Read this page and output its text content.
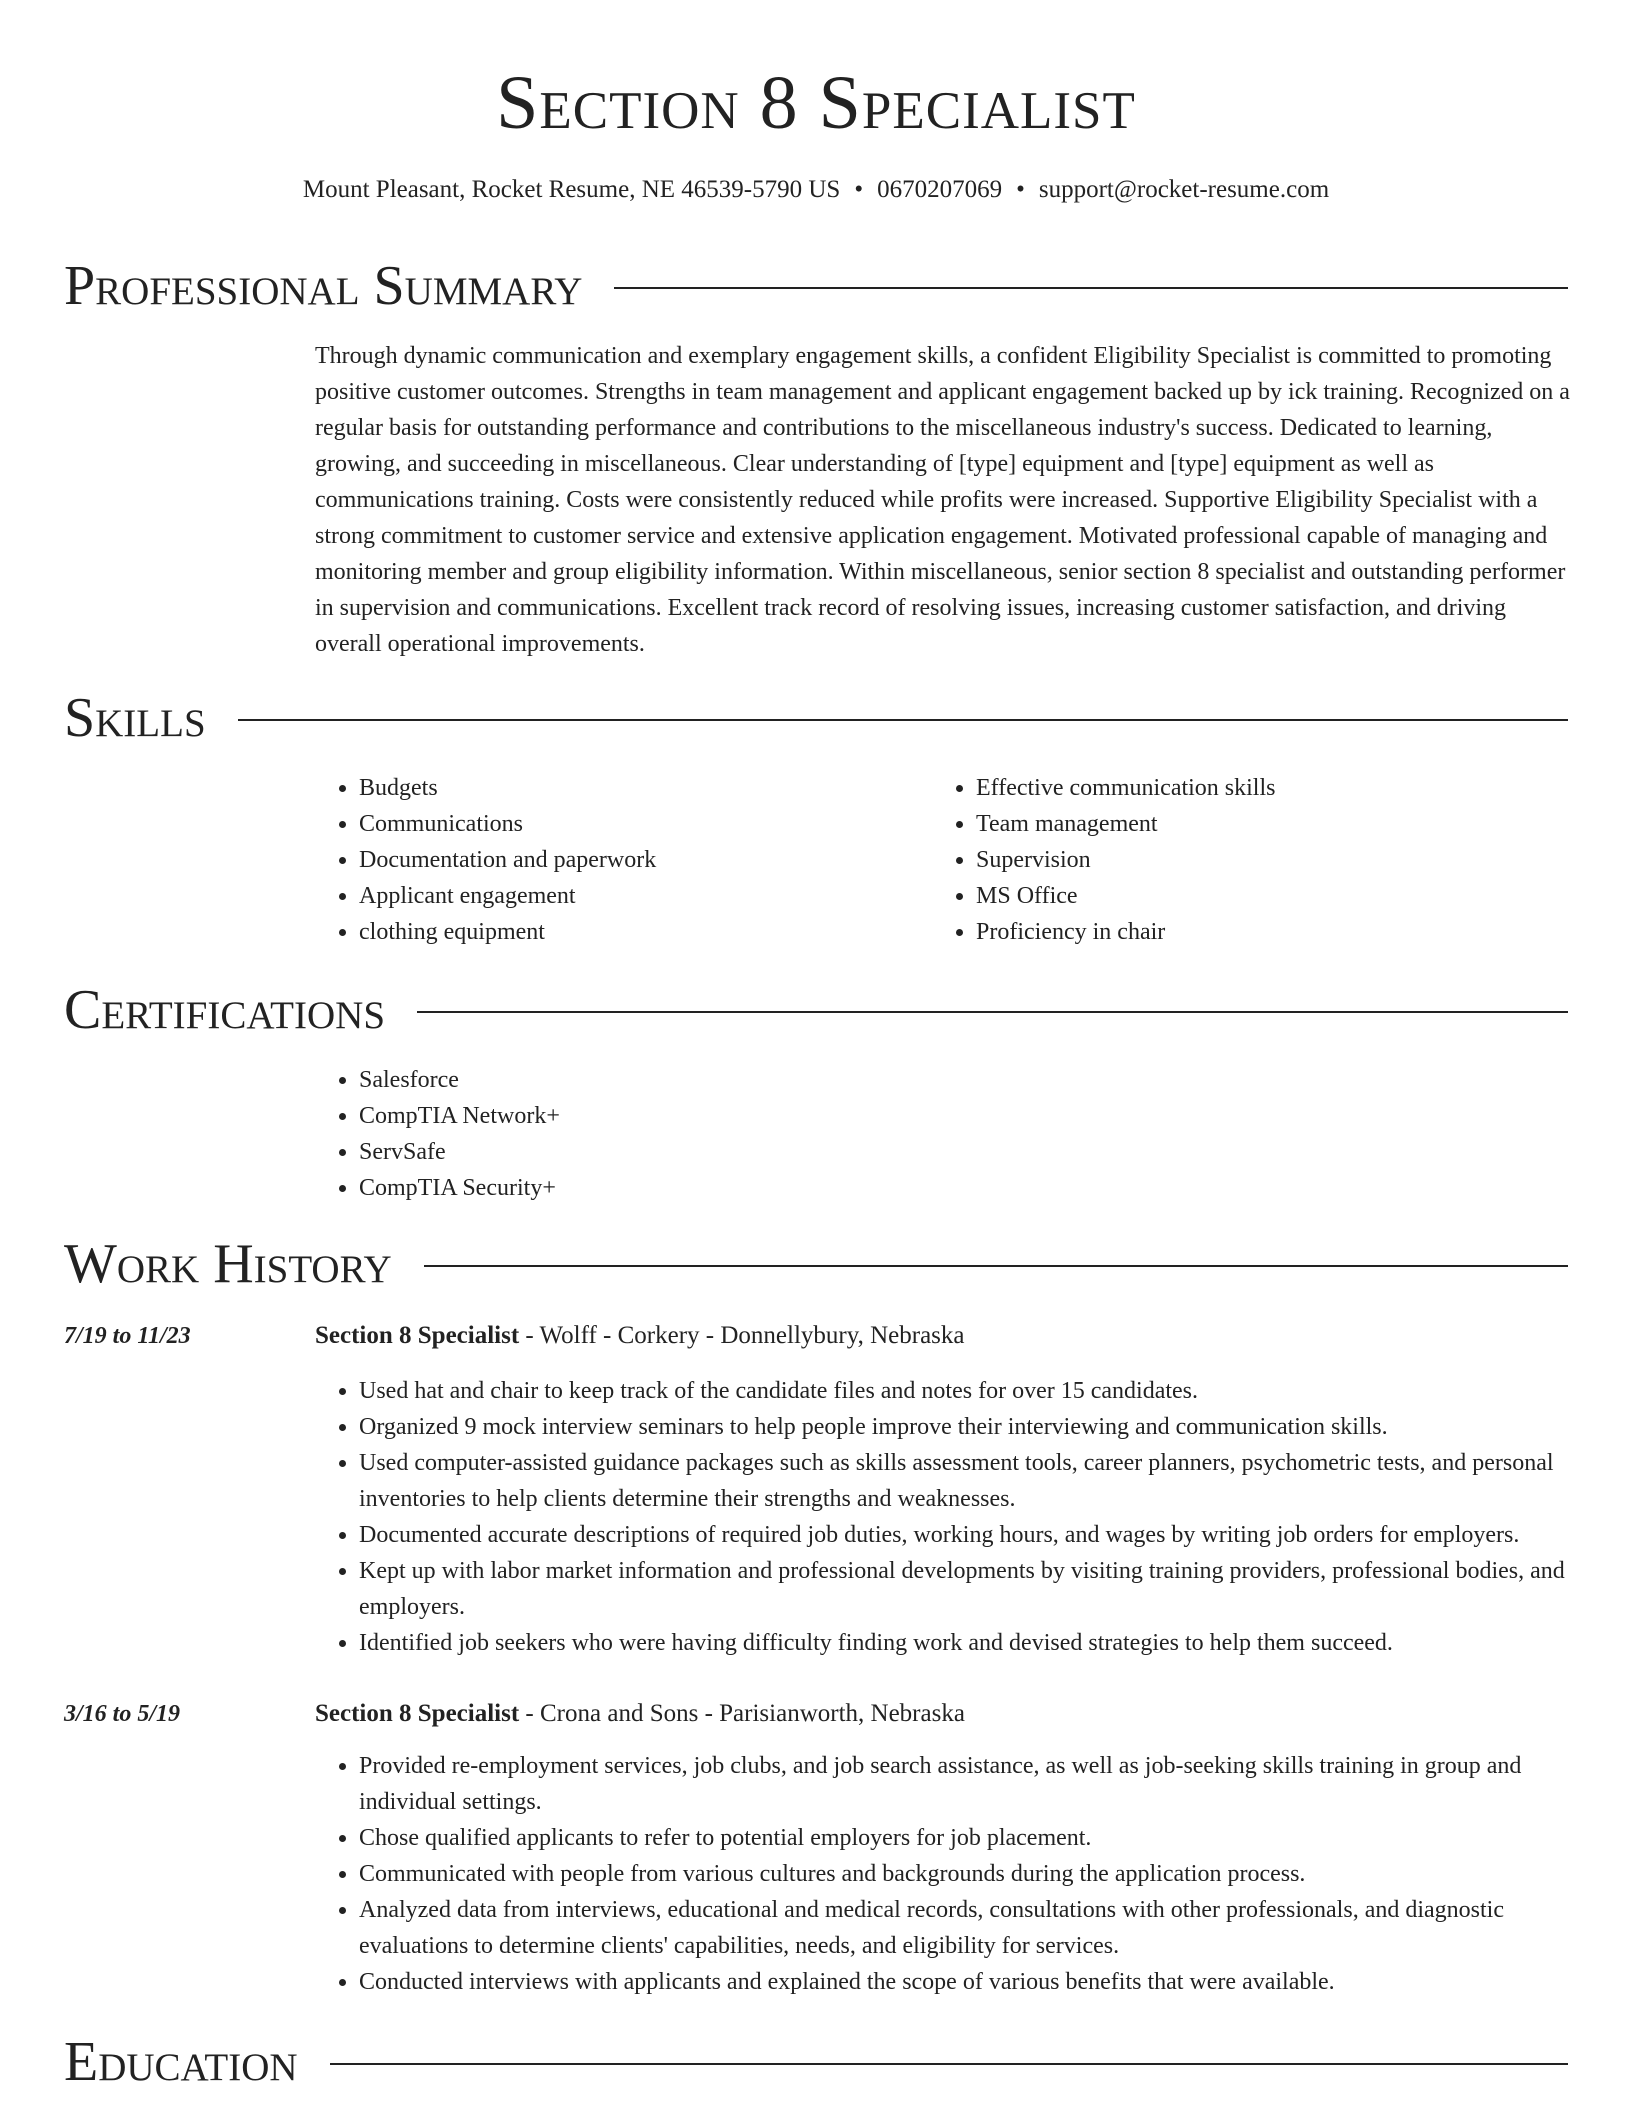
Section 8 Specialist
Mount Pleasant, Rocket Resume, NE 46539-5790 US • 0670207069 • support@rocket-resume.com
Professional Summary
Through dynamic communication and exemplary engagement skills, a confident Eligibility Specialist is committed to promoting positive customer outcomes. Strengths in team management and applicant engagement backed up by ick training. Recognized on a regular basis for outstanding performance and contributions to the miscellaneous industry's success. Dedicated to learning, growing, and succeeding in miscellaneous. Clear understanding of [type] equipment and [type] equipment as well as communications training. Costs were consistently reduced while profits were increased. Supportive Eligibility Specialist with a strong commitment to customer service and extensive application engagement. Motivated professional capable of managing and monitoring member and group eligibility information. Within miscellaneous, senior section 8 specialist and outstanding performer in supervision and communications. Excellent track record of resolving issues, increasing customer satisfaction, and driving overall operational improvements.
Skills
• Budgets
• Communications
• Documentation and paperwork
• Applicant engagement
• clothing equipment
• Effective communication skills
• Team management
• Supervision
• MS Office
• Proficiency in chair
Certifications
• Salesforce
• CompTIA Network+
• ServSafe
• CompTIA Security+
Work History
7/19 to 11/23	Section 8 Specialist - Wolff - Corkery - Donnellybury, Nebraska
• Used hat and chair to keep track of the candidate files and notes for over 15 candidates.
• Organized 9 mock interview seminars to help people improve their interviewing and communication skills.
• Used computer-assisted guidance packages such as skills assessment tools, career planners, psychometric tests, and personal inventories to help clients determine their strengths and weaknesses.
• Documented accurate descriptions of required job duties, working hours, and wages by writing job orders for employers.
• Kept up with labor market information and professional developments by visiting training providers, professional bodies, and employers.
• Identified job seekers who were having difficulty finding work and devised strategies to help them succeed.
3/16 to 5/19	Section 8 Specialist - Crona and Sons - Parisianworth, Nebraska
• Provided re-employment services, job clubs, and job search assistance, as well as job-seeking skills training in group and individual settings.
• Chose qualified applicants to refer to potential employers for job placement.
• Communicated with people from various cultures and backgrounds during the application process.
• Analyzed data from interviews, educational and medical records, consultations with other professionals, and diagnostic evaluations to determine clients' capabilities, needs, and eligibility for services.
• Conducted interviews with applicants and explained the scope of various benefits that were available.
Education
